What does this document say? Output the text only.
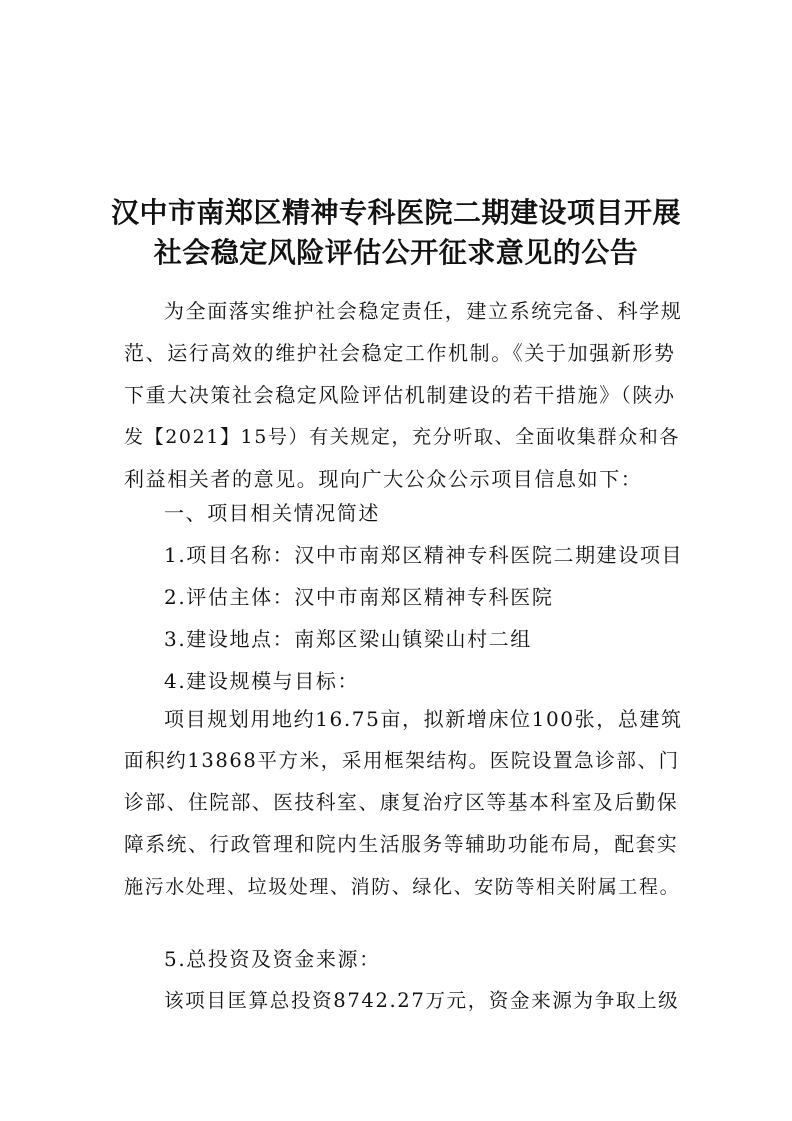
汉中市南郑区精神专科医院二期建设项目开展
社会稳定风险评估公开征求意见的公告
为全面落实维护社会稳定责任，建立系统完备、科学规
范、运行高效的维护社会稳定工作机制。《关于加强新形势
下重大决策社会稳定风险评估机制建设的若干措施》（陕办
发【2021】15号）有关规定，充分听取、全面收集群众和各
利益相关者的意见。现向广大公众公示项目信息如下：
一、项目相关情况简述
1.项目名称：汉中市南郑区精神专科医院二期建设项目
2.评估主体：汉中市南郑区精神专科医院
3.建设地点：南郑区梁山镇梁山村二组
4.建设规模与目标：
项目规划用地约16.75亩，拟新增床位100张，总建筑
面积约13868平方米，采用框架结构。医院设置急诊部、门
诊部、住院部、医技科室、康复治疗区等基本科室及后勤保
障系统、行政管理和院内生活服务等辅助功能布局，配套实
施污水处理、垃圾处理、消防、绿化、安防等相关附属工程。
5.总投资及资金来源：
该项目匡算总投资8742.27万元，资金来源为争取上级
